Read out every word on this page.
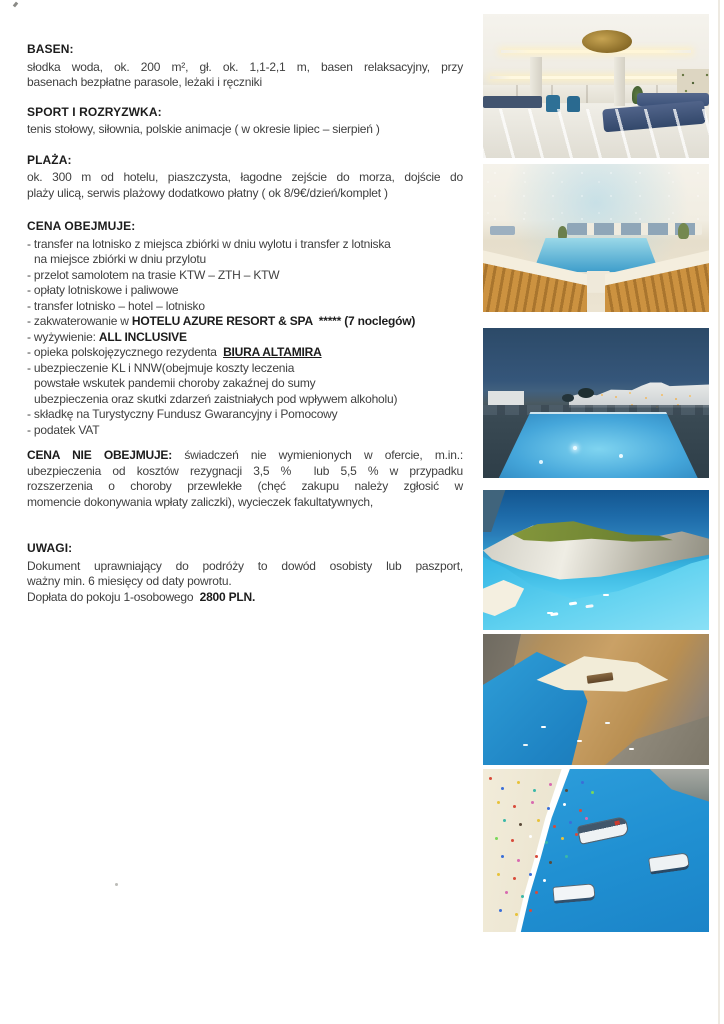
BASEN:
słodka woda, ok. 200 m², gł. ok. 1,1-2,1 m, basen relaksacyjny, przy
basenach bezpłatne parasole, leżaki i ręczniki
SPORT I ROZRYZWKA:
tenis stołowy, siłownia, polskie animacje ( w okresie lipiec – sierpień )
PLAŻA:
ok. 300 m od hotelu, piaszczysta, łagodne zejście do morza, dojście do
plaży ulicą, serwis plażowy dodatkowo płatny ( ok 8/9€/dzień/komplet )
CENA OBEJMUJE:
- transfer na lotnisko z miejsca zbiórki w dniu wylotu i transfer z lotniska
na miejsce zbiórki w dniu przylotu
- przelot samolotem na trasie KTW – ZTH – KTW
- opłaty lotniskowe i paliwowe
- transfer lotnisko – hotel – lotnisko
- zakwaterowanie w HOTELU AZURE RESORT & SPA  ***** (7 noclegów)
- wyżywienie: ALL INCLUSIVE
- opieka polskojęzycznego rezydenta  BIURA ALTAMIRA
- ubezpieczenie KL i NNW(obejmuje koszty leczenia
powstałe wskutek pandemii choroby zakaźnej do sumy
ubezpieczenia oraz skutki zdarzeń zaistniałych pod wpływem alkoholu)
- składkę na Turystyczny Fundusz Gwarancyjny i Pomocowy
- podatek VAT
CENA NIE OBEJMUJE: świadczeń nie wymienionych w ofercie, m.in.:
ubezpieczenia od kosztów rezygnacji 3,5 %  lub 5,5 % w przypadku
rozszerzenia o choroby przewlekłe (chęć zakupu należy zgłosić w
momencie dokonywania wpłaty zaliczki), wycieczek fakultatywnych,
UWAGI:
Dokument uprawniający do podróży to dowód osobisty lub paszport,
ważny min. 6 miesięcy od daty powrotu.
Dopłata do pokoju 1-osobowego  2800 PLN.
